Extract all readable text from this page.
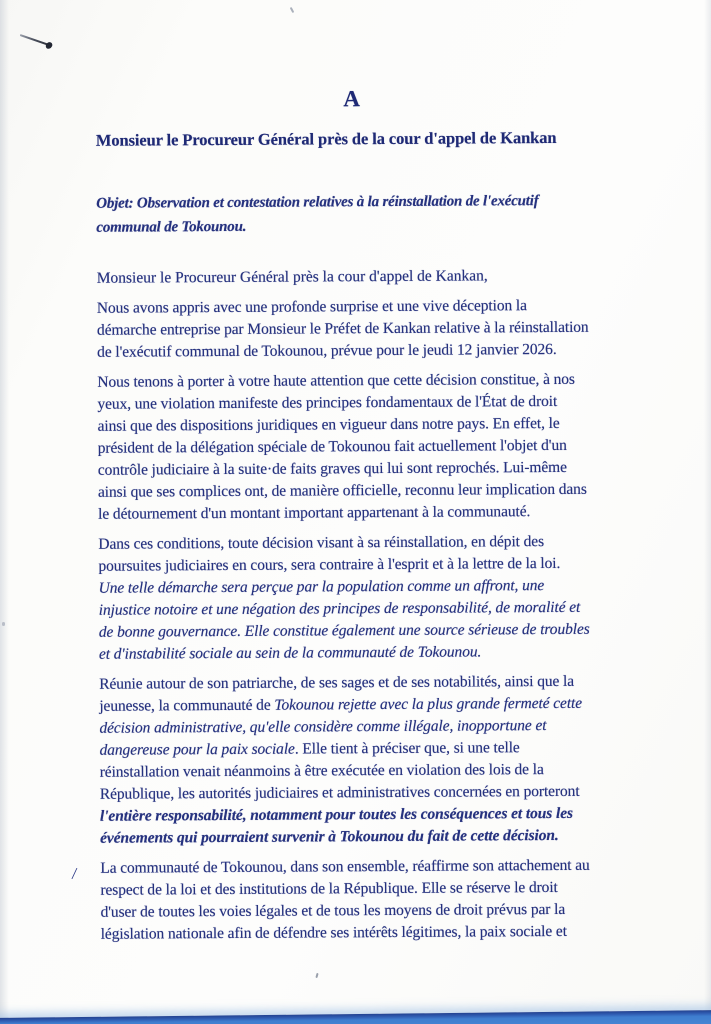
A
Monsieur le Procureur Général près de la cour d'appel de Kankan
Objet: Observation et contestation relatives à la réinstallation de l'exécutif
communal de Tokounou.
Monsieur le Procureur Général près la cour d'appel de Kankan,
Nous avons appris avec une profonde surprise et une vive déception la
démarche entreprise par Monsieur le Préfet de Kankan relative à la réinstallation
de l'exécutif communal de Tokounou, prévue pour le jeudi 12 janvier 2026.
Nous tenons à porter à votre haute attention que cette décision constitue, à nos
yeux, une violation manifeste des principes fondamentaux de l'État de droit
ainsi que des dispositions juridiques en vigueur dans notre pays. En effet, le
président de la délégation spéciale de Tokounou fait actuellement l'objet d'un
contrôle judiciaire à la suite·de faits graves qui lui sont reprochés. Lui-même
ainsi que ses complices ont, de manière officielle, reconnu leur implication dans
le détournement d'un montant important appartenant à la communauté.
Dans ces conditions, toute décision visant à sa réinstallation, en dépit des
poursuites judiciaires en cours, sera contraire à l'esprit et à la lettre de la loi.
Une telle démarche sera perçue par la population comme un affront, une
injustice notoire et une négation des principes de responsabilité, de moralité et
de bonne gouvernance. Elle constitue également une source sérieuse de troubles
et d'instabilité sociale au sein de la communauté de Tokounou.
Réunie autour de son patriarche, de ses sages et de ses notabilités, ainsi que la
jeunesse, la communauté de Tokounou rejette avec la plus grande fermeté cette
décision administrative, qu'elle considère comme illégale, inopportune et
dangereuse pour la paix sociale. Elle tient à préciser que, si une telle
réinstallation venait néanmoins à être exécutée en violation des lois de la
République, les autorités judiciaires et administratives concernées en porteront
l'entière responsabilité, notamment pour toutes les conséquences et tous les
événements qui pourraient survenir à Tokounou du fait de cette décision.
La communauté de Tokounou, dans son ensemble, réaffirme son attachement au
respect de la loi et des institutions de la République. Elle se réserve le droit
d'user de toutes les voies légales et de tous les moyens de droit prévus par la
législation nationale afin de défendre ses intérêts légitimes, la paix sociale et
/
